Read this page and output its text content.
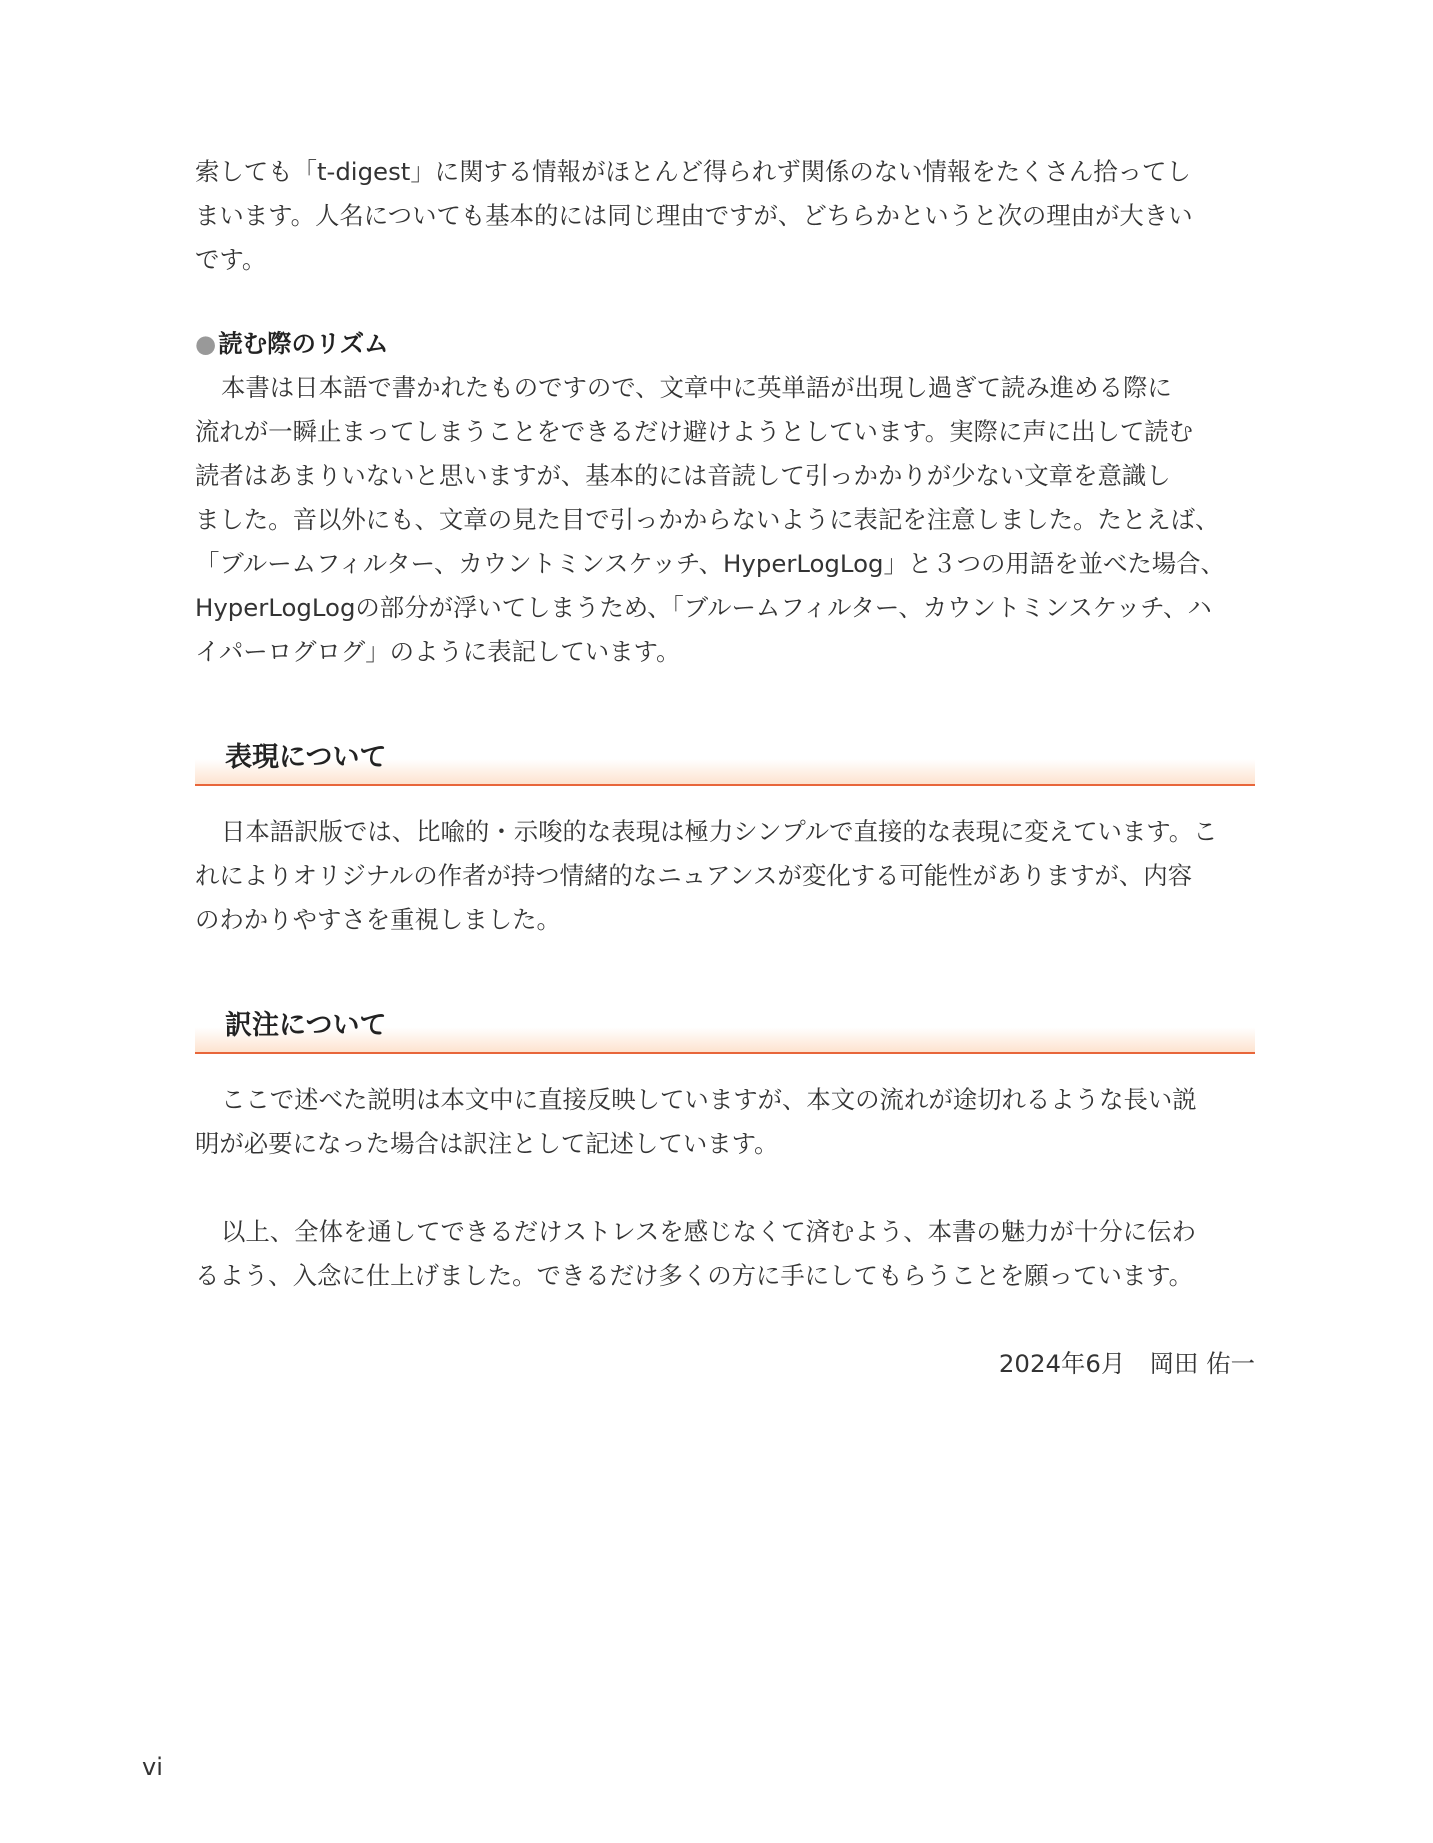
索しても「t-digest」に関する情報がほとんど得られず関係のない情報をたくさん拾ってし

まいます。人名についても基本的には同じ理由ですが、どちらかというと次の理由が大きい

です。

●読む際のリズム

本書は日本語で書かれたものですので、文章中に英単語が出現し過ぎて読み進める際に

流れが一瞬止まってしまうことをできるだけ避けようとしています。実際に声に出して読む

読者はあまりいないと思いますが、基本的には音読して引っかかりが少ない文章を意識し

ました。音以外にも、文章の見た目で引っかからないように表記を注意しました。たとえば、

「ブルームフィルター、カウントミンスケッチ、HyperLogLog」と３つの用語を並べた場合、

HyperLogLogの部分が浮いてしまうため、「ブルームフィルター、カウントミンスケッチ、ハ

イパーログログ」のように表記しています。

表現について

日本語訳版では、比喩的・示唆的な表現は極力シンプルで直接的な表現に変えています。こ

れによりオリジナルの作者が持つ情緒的なニュアンスが変化する可能性がありますが、内容

のわかりやすさを重視しました。

訳注について

ここで述べた説明は本文中に直接反映していますが、本文の流れが途切れるような長い説

明が必要になった場合は訳注として記述しています。

以上、全体を通してできるだけストレスを感じなくて済むよう、本書の魅力が十分に伝わ

るよう、入念に仕上げました。できるだけ多くの方に手にしてもらうことを願っています。

2024年6月　岡田 佑一
vi
